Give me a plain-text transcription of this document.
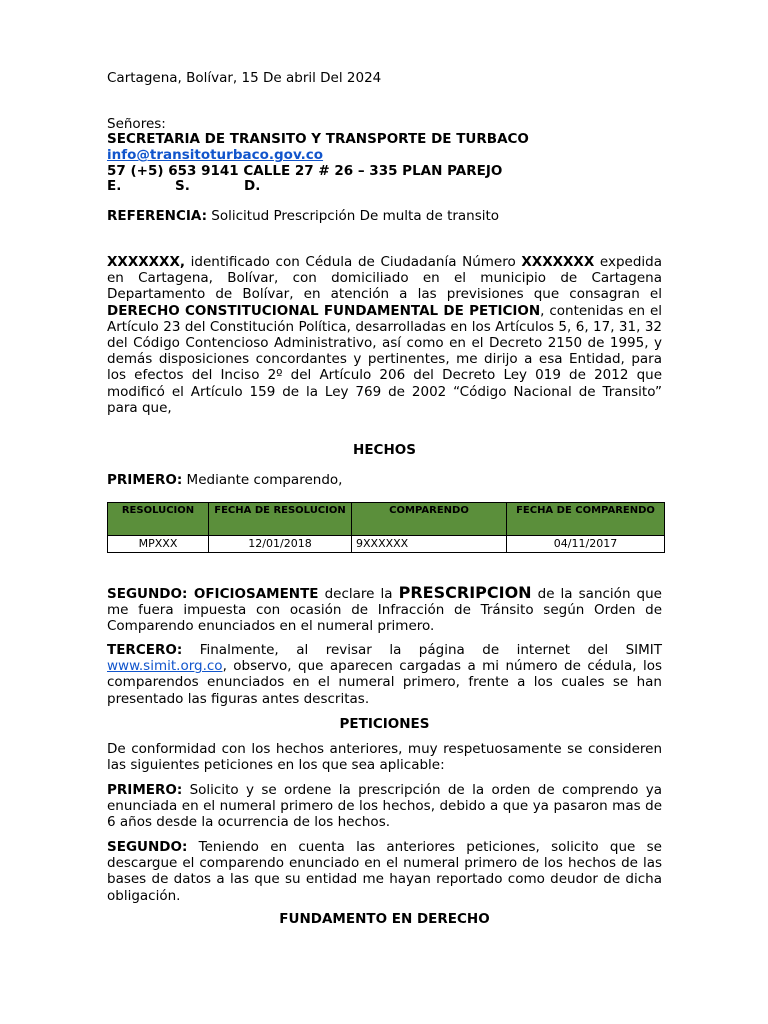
Cartagena, Bolívar, 15 De abril Del 2024

Señores:

SECRETARIA DE TRANSITO Y TRANSPORTE DE TURBACO

info@transitoturbaco.gov.co

57 (+5) 653 9141 CALLE 27 # 26 – 335 PLAN PAREJO

E.	S.	D.

REFERENCIA: Solicitud Prescripción De multa de transito

XXXXXXX, identificado con Cédula de Ciudadanía Número XXXXXXX expedida en Cartagena, Bolívar, con domiciliado en el municipio de Cartagena Departamento de Bolívar, en atención a las previsiones que consagran el DERECHO CONSTITUCIONAL FUNDAMENTAL DE PETICION, contenidas en el Artículo 23 del Constitución Política, desarrolladas en los Artículos 5, 6, 17, 31, 32 del Código Contencioso Administrativo, así como en el Decreto 2150 de 1995, y demás disposiciones concordantes y pertinentes, me dirijo a esa Entidad, para los efectos del Inciso 2º del Artículo 206 del Decreto Ley 019 de 2012 que modificó el Artículo 159 de la Ley 769 de 2002 “Código Nacional de Transito” para que,

HECHOS

PRIMERO: Mediante comparendo,

RESOLUCION	FECHA DE RESOLUCION	COMPARENDO	FECHA DE COMPARENDO
MPXXX	12/01/2018	9XXXXXX	04/11/2017

SEGUNDO: OFICIOSAMENTE declare la PRESCRIPCION de la sanción que me fuera impuesta con ocasión de Infracción de Tránsito según Orden de Comparendo enunciados en el numeral primero.

TERCERO: Finalmente, al revisar la página de internet del SIMIT www.simit.org.co, observo, que aparecen cargadas a mi número de cédula, los comparendos enunciados en el numeral primero, frente a los cuales se han presentado las figuras antes descritas.

PETICIONES

De conformidad con los hechos anteriores, muy respetuosamente se consideren las siguientes peticiones en los que sea aplicable:

PRIMERO: Solicito y se ordene la prescripción de la orden de comprendo ya enunciada en el numeral primero de los hechos, debido a que ya pasaron mas de 6 años desde la ocurrencia de los hechos.

SEGUNDO: Teniendo en cuenta las anteriores peticiones, solicito que se descargue el comparendo enunciado en el numeral primero de los hechos de las bases de datos a las que su entidad me hayan reportado como deudor de dicha obligación.

FUNDAMENTO EN DERECHO
